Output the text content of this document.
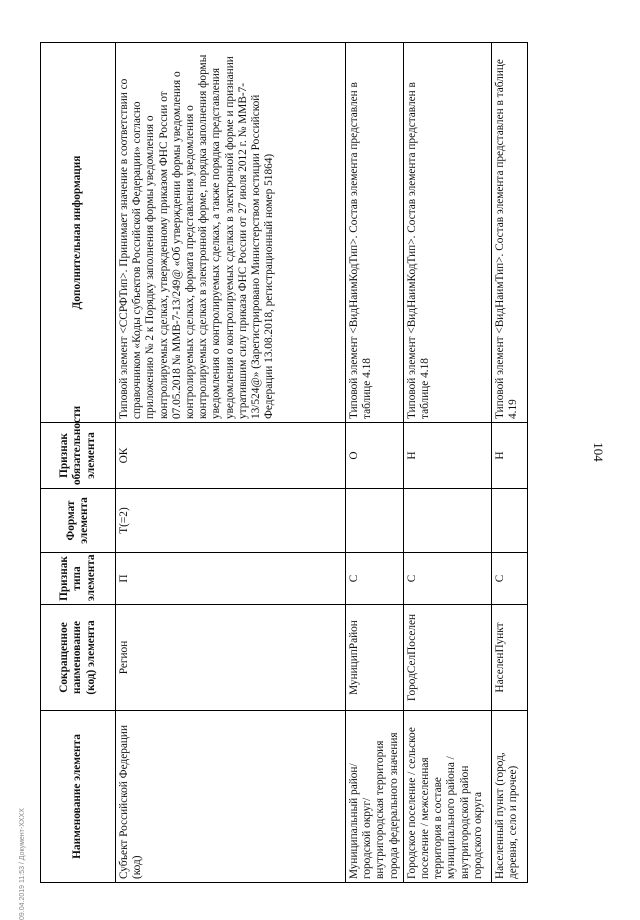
104
Наименование элемента	Сокращенное наименование (код) элемента	Признак типа элемента	Формат элемента	Признак обязательности элемента	Дополнительная информация
Субъект Российской Федерации (код)	Регион	П	T(=2)	ОК	Типовой элемент <ССРФТип>. Принимает значение в соответствии со справочником «Коды субъектов Российской Федерации» согласно приложению № 2 к Порядку заполнения формы уведомления о контролируемых сделках, утвержденному приказом ФНС России от 07.05.2018 № ММВ-7-13/249@ «Об утверждении формы уведомления о контролируемых сделках, формата представления уведомления о контролируемых сделках в электронной форме, порядка заполнения формы уведомления о контролируемых сделках, а также порядка представления уведомления о контролируемых сделках в электронной форме и признании утратившим силу приказа ФНС России от 27 июля 2012 г. № ММВ-7-13/524@» (Зарегистрировано Министерством юстиции Российской Федерации 13.08.2018, регистрационный номер 51864)
Муниципальный район/ городской округ/ внутригородская территория города федерального значения	МуниципРайон	С		О	Типовой элемент <ВидНаимКодТип>. Состав элемента представлен в таблице 4.18
Городское поселение / сельское поселение / межселенная территория в составе муниципального района / внутригородской район городского округа	ГородСелПоселен	С		Н	Типовой элемент <ВидНаимКодТип>. Состав элемента представлен в таблице 4.18
Населенный пункт (город, деревня, село и прочее)	НаселенПункт	С		Н	Типовой элемент <ВидНаимТип>. Состав элемента представлен в таблице 4.19
09.04.2019 11:53 / Документ-XXXX
